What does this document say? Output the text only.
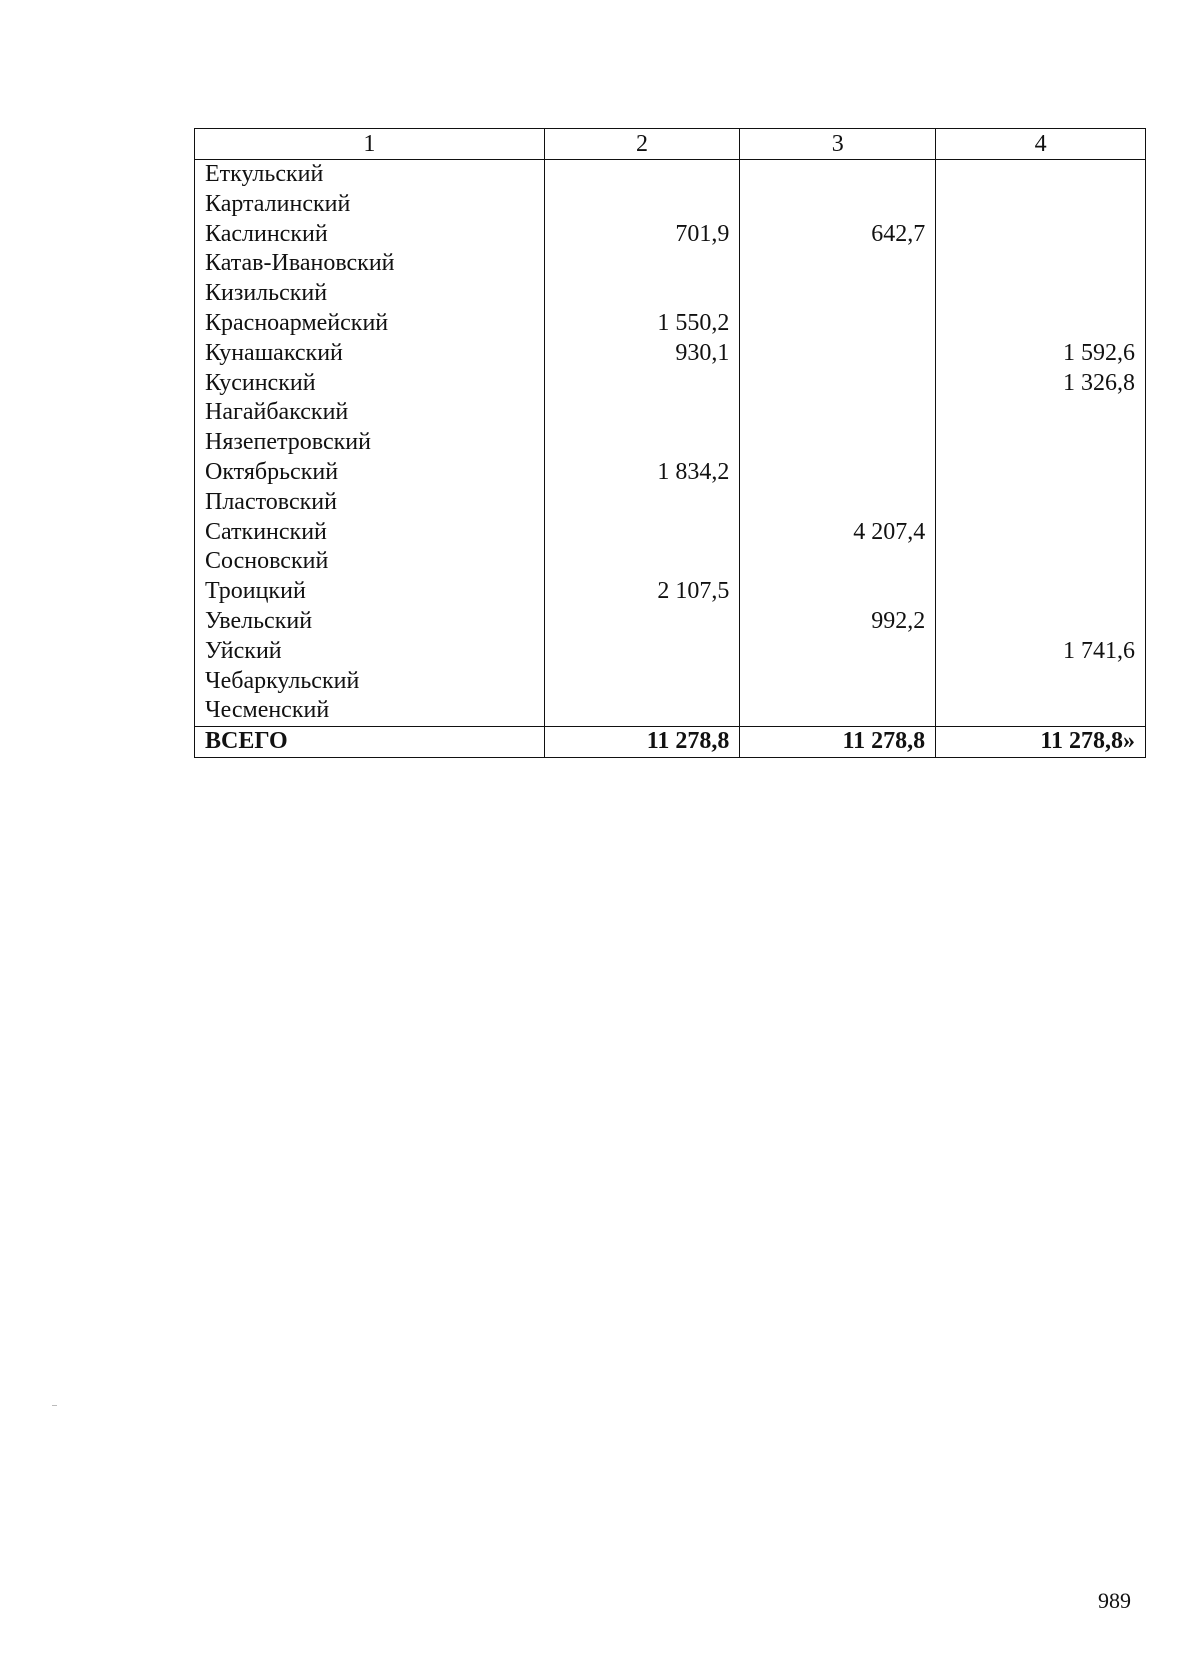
1	2	3	4
Еткульский			
Карталинский			
Каслинский	701,9	642,7	
Катав-Ивановский			
Кизильский			
Красноармейский	1 550,2		
Кунашакский	930,1		1 592,6
Кусинский			1 326,8
Нагайбакский			
Нязепетровский			
Октябрьский	1 834,2		
Пластовский			
Саткинский		4 207,4	
Сосновский			
Троицкий	2 107,5		
Увельский		992,2	
Уйский			1 741,6
Чебаркульский			
Чесменский			
ВСЕГО	11 278,8	11 278,8	11 278,8»
989
